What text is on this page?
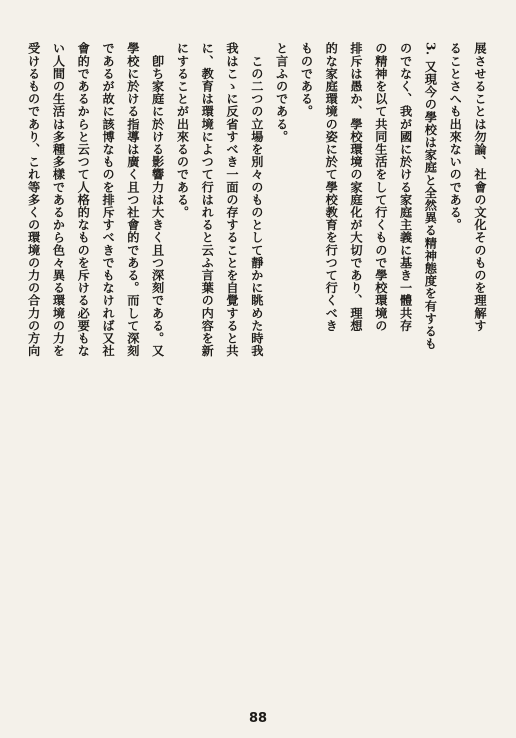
展させることは勿論、社會の文化そのものを理解す
ることさへも出來ないのである。
3. 又現今の學校は家庭と全然異る精神態度を有するも
のでなく、我が國に於ける家庭主義に基き一體共存
の精神を以て共同生活をして行くもので學校環境の
排斥は愚か、學校環境の家庭化が大切であり、理想
的な家庭環境の姿に於て學校教育を行つて行くべき
ものである。
と言ふのである。
　この二つの立場を別々のものとして靜かに眺めた時我
我はこゝに反省すべき一面の存することを自覺すると共
に、教育は環境によつて行はれると云ふ言葉の内容を新
にすることが出來るのである。
　卽ち家庭に於ける影響力は大きく且つ深刻である。又
學校に於ける指導は廣く且つ社會的である。而して深刻
であるが故に該博なものを排斥すべきでもなければ又社
會的であるからと云つて人格的なものを斥ける必要もな
い人間の生活は多種多樣であるから色々異る環境の力を
受けるものであり、これ等多くの環境の力の合力の方向

88
